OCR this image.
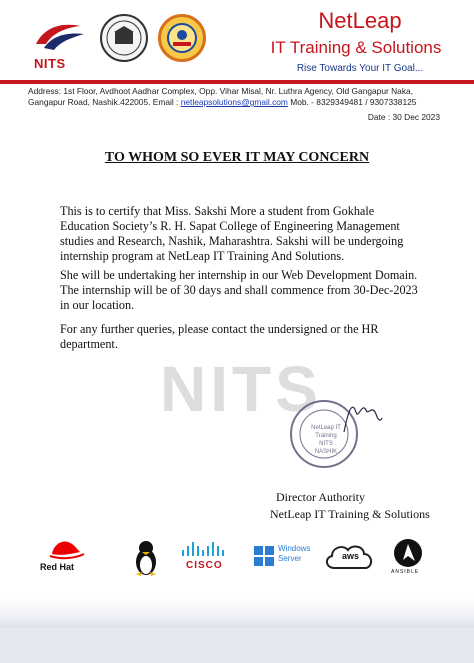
NITS
NetLeap
IT Training & Solutions
Rise Towards Your IT Goal...
Address: 1st Floor, Avdhoot Aadhar Complex, Opp. Vihar Misal, Nr. Luthra Agency, Old Gangapur Naka,
Gangapur Road, Nashik.422005. Email : netleapsolutions@gmail.com Mob. - 8329349481 / 9307338125
Date : 30 Dec 2023
TO WHOM SO EVER IT MAY CONCERN
NITS
This is to certify that Miss. Sakshi More a student from Gokhale Education Society’s R. H. Sapat College of Engineering Management studies and Research, Nashik, Maharashtra. Sakshi will be undergoing internship program at NetLeap IT Training And Solutions.
She will be undertaking her internship in our Web Development Domain. The internship will be of 30 days and shall commence from 30-Dec-2023 in our location.
For any further queries, please contact the undersigned or the HR department.
NetLeap IT Training
NITS NASHIK
Director Authority
NetLeap IT Training & Solutions
Red Hat	CISCO
Windows Server	aws
ANSIBLE
